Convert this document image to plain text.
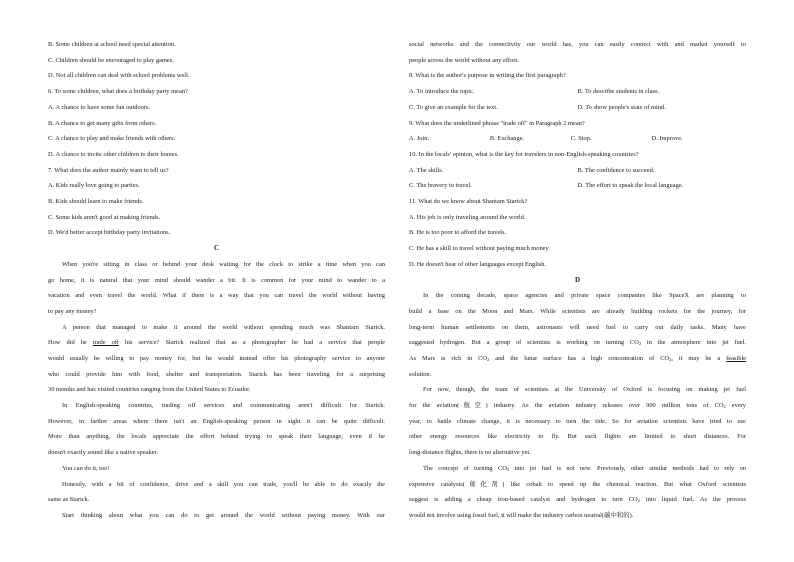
B. Some children at school need special attention.
C. Children should be encouraged to play games.
D. Not all children can deal with school problems well.
6. To some children, what does a birthday party mean?
A. A chance to have some fun outdoors.
B. A chance to get many gifts from others.
C. A chance to play and make friends with others.
D. A chance to invite other children to their homes.
7. What does the author mainly want to tell us?
A. Kids really love going to parties.
B. Kids should learn to make friends.
C. Some kids aren't good at making friends.
D. We'd better accept birthday party invitations.
C
When you're sitting in class or behind your desk waiting for the clock to strike a time when you can
go home, it is natural that your mind should wander a bit. It is common for your mind to wander to a
vacation and even travel the world. What if there is a way that you can travel the world without having
to pay any money?
A person that managed to make it around the world without spending much was Shantam Starick.
How did he trade off his service? Starick realized that as a photographer he had a service that people
would usually be willing to pay money for, but he would instead offer his photography service to anyone
who could provide him with food, shelter and transportation. Starick has been traveling for a surprising
30 months and has visited countries ranging from the United States to Ecuador.
In English-speaking countries, trading off services and communicating aren't difficult for Starick.
However, in farther areas where there isn't an English-speaking person in sight it can be quite difficult.
More than anything, the locals appreciate the effort behind trying to speak their language, even if he
doesn't exactly sound like a native speaker.
You can do it, too!
Honestly, with a bit of confidence, drive and a skill you can trade, you'll be able to do exactly the
same as Starick.
Start thinking about what you can do to get around the world without paying money. With our
social networks and the connectivity our world has, you can easily connect with and market yourself to
people across the world without any effort.
8. What is the author's purpose in writing the first paragraph?
A. To introduce the topic.	B. To describe students in class.
C. To give an example for the text.	D. To show people's state of mind.
9. What does the underlined phrase "trade off" in Paragraph 2 mean?
A. Join.	B. Exchange.	C. Stop.	D. Improve.
10. In the locals' opinion, what is the key for travelers in non-English-speaking countries?
A. The skills.	B. The confidence to succeed.
C. The bravery to travel.	D. The effort to speak the local language.
11. What do we know about Shantam Starick?
A. His job is only traveling around the world.
B. He is too poor to afford the travels.
C. He has a skill to travel without paying much money.
D. He doesn't hear of other languages except English.
D
In the coming decade, space agencies and private space companies like SpaceX are planning to
build a base on the Moon and Mars. While scientists are already building rockets for the journey, for
long-term human settlements on them, astronauts will need fuel to carry out daily tasks. Many have
suggested hydrogen. But a group of scientists is working on turning $CO_2$ in the atmosphere into jet fuel.
As Mars is rich in $CO_2$ and the lunar surface has a high concentration of $CO_2$, it may be a feasible
solution.
For now, though, the team of scientists at the University of Oxford is focusing on making jet fuel
for the aviation(航空) industry. As the aviation industry releases over 900 million tons of $CO_2$ every
year, to battle climate change, it is necessary to turn the tide. So for aviation scientists have tried to use
other energy resources like electricity to fly. But such flights are limited to short distances. For
long-distance flights, there is no alternative yet.
The concept of turning $CO_2$ into jet fuel is not new. Previously, other similar methods had to rely on
expensive catalysts(催化剂) like cobalt to speed up the chemical reaction. But what Oxford scientists
suggest is adding a cheap iron-based catalyst and hydrogen to turn $CO_2$ into liquid fuel. As the process
would not involve using fossil fuel, it will make the industry carbon neutral(碳中和的).
